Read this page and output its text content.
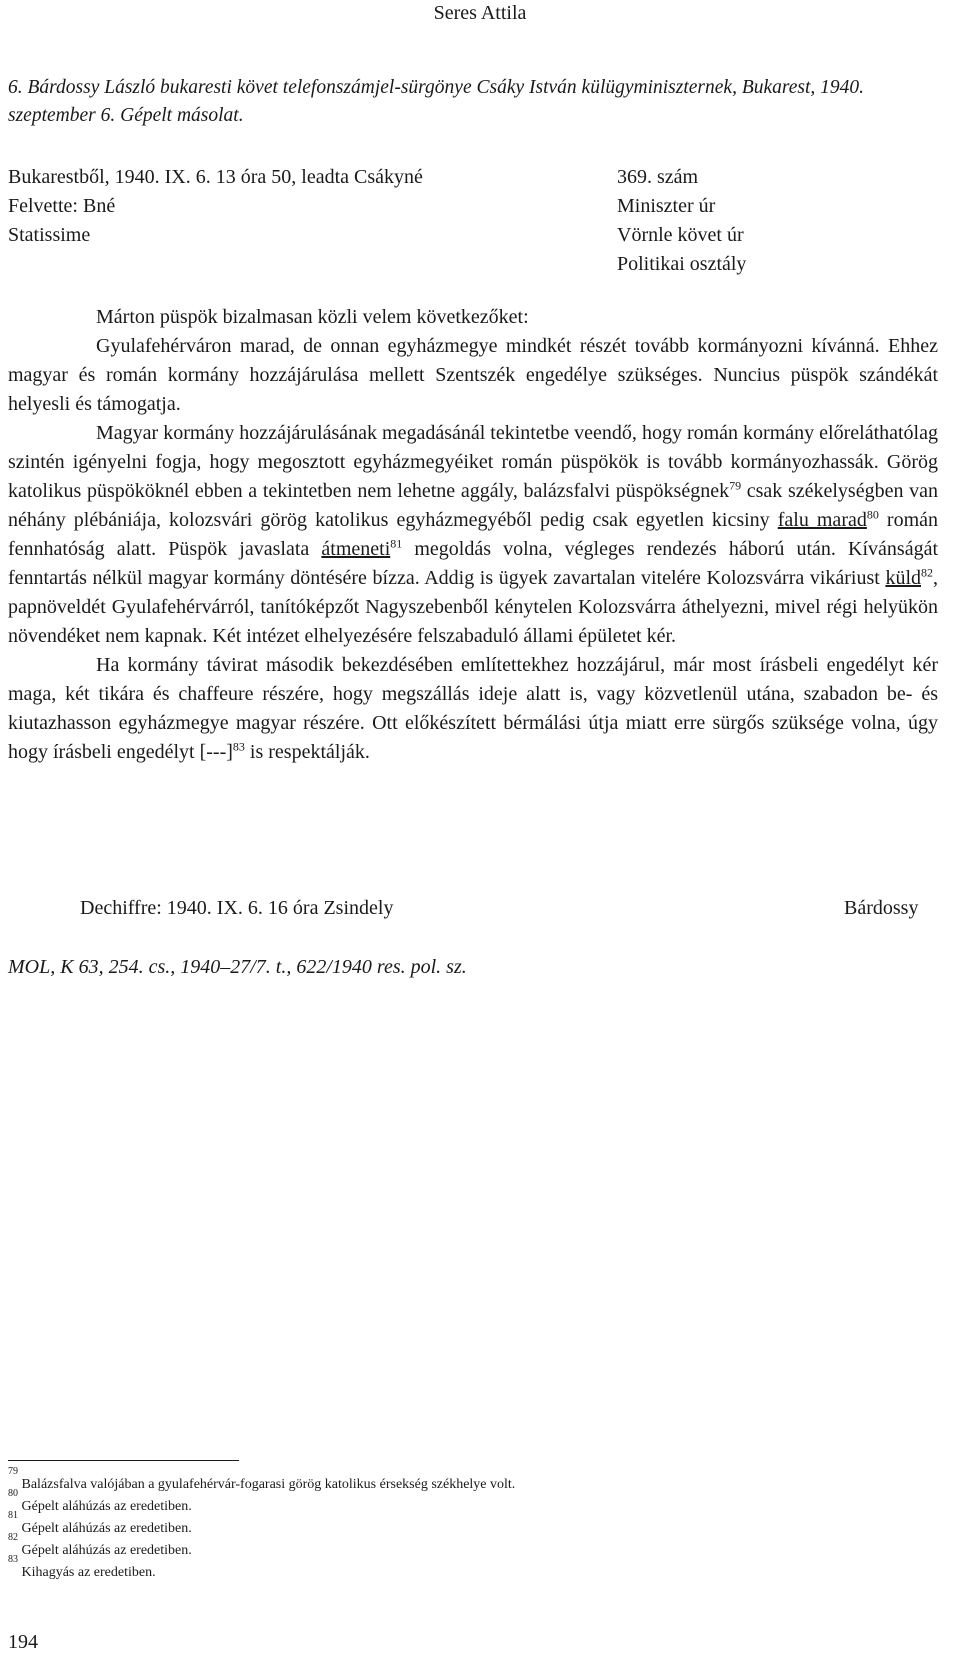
Seres Attila
6. Bárdossy László bukaresti követ telefonszámjel-sürgönye Csáky István külügyminiszternek, Bukarest, 1940. szeptember 6. Gépelt másolat.
Bukarestből, 1940. IX. 6. 13 óra 50, leadta Csákyné
Felvette: Bné
Statissime
369. szám
Miniszter úr
Vörnle követ úr
Politikai osztály

Márton püspök bizalmasan közli velem következőket:

Gyulafehérváron marad, de onnan egyházmegye mindkét részét tovább kormányozni kívánná. Ehhez magyar és román kormány hozzájárulása mellett Szentszék engedélye szükséges. Nuncius püspök szándékát helyesli és támogatja.

Magyar kormány hozzájárulásának megadásánál tekintetbe veendő, hogy román kormány előreláthatólag szintén igényelni fogja, hogy megosztott egyházmegyéiket román püspökök is tovább kormányozhassák. Görög katolikus püspököknél ebben a tekintetben nem lehetne aggály, balázsfalvi püspökségnek$^{79}$ csak székelységben van néhány plébániája, kolozsvári görög katolikus egyházmegyéből pedig csak egyetlen kicsiny falu marad$^{80}$ román fennhatóság alatt. Püspök javaslata átmeneti$^{81}$ megoldás volna, végleges rendezés háború után. Kívánságát fenntartás nélkül magyar kormány döntésére bízza. Addig is ügyek zavartalan vitelére Kolozsvárra vikáriust küld$^{82}$, papnöveldét Gyulafehérvárról, tanítóképzőt Nagyszebenből kénytelen Kolozsvárra áthelyezni, mivel régi helyükön növendéket nem kapnak. Két intézet elhelyezésére felszabaduló állami épületet kér.

Ha kormány távirat második bekezdésében említettekhez hozzájárul, már most írásbeli engedélyt kér maga, két tikára és chaffeure részére, hogy megszállás ideje alatt is, vagy közvetlenül utána, szabadon be- és kiutazhasson egyházmegye magyar részére. Ott előkészített bérmálási útja miatt erre sürgős szüksége volna, úgy hogy írásbeli engedélyt $[---]^{83}$ is respektálják.

Dechiffre: 1940. IX. 6. 16 óra Zsindely	Bárdossy
MOL, K 63, 254. cs., 1940–27/7. t., 622/1940 res. pol. sz.

$^{79}$ Balázsfalva valójában a gyulafehérvár-fogarasi görög katolikus érsekség székhelye volt.

$^{80}$ Gépelt aláhúzás az eredetiben.

$^{81}$ Gépelt aláhúzás az eredetiben.

$^{82}$ Gépelt aláhúzás az eredetiben.

$^{83}$ Kihagyás az eredetiben.

194
